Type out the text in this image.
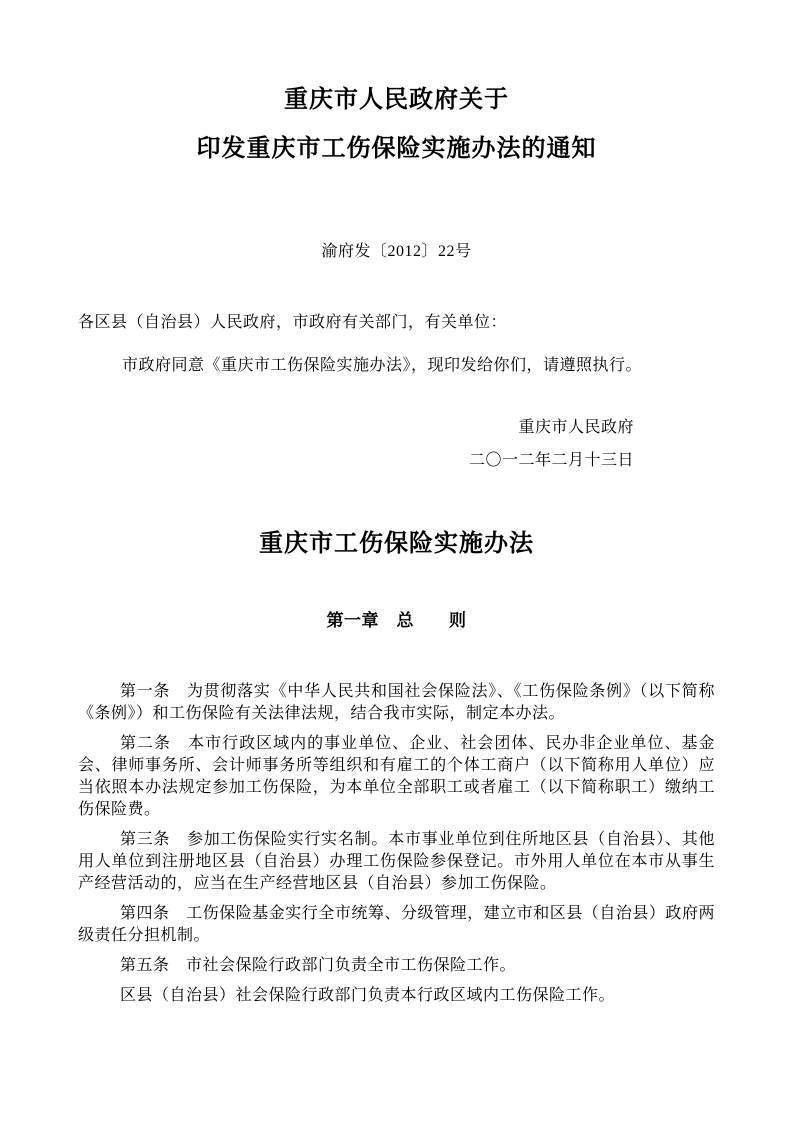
重庆市人民政府关于
印发重庆市工伤保险实施办法的通知
渝府发〔2012〕22号

各区县（自治县）人民政府，市政府有关部门，有关单位：

市政府同意《重庆市工伤保险实施办法》，现印发给你们，请遵照执行。

重庆市人民政府
二〇一二年二月十三日
重庆市工伤保险实施办法
第一章　总　　则

第一条　为贯彻落实《中华人民共和国社会保险法》、《工伤保险条例》（以下简称《条例》）和工伤保险有关法律法规，结合我市实际，制定本办法。

第二条　本市行政区域内的事业单位、企业、社会团体、民办非企业单位、基金会、律师事务所、会计师事务所等组织和有雇工的个体工商户（以下简称用人单位）应当依照本办法规定参加工伤保险，为本单位全部职工或者雇工（以下简称职工）缴纳工伤保险费。

第三条　参加工伤保险实行实名制。本市事业单位到住所地区县（自治县）、其他用人单位到注册地区县（自治县）办理工伤保险参保登记。市外用人单位在本市从事生产经营活动的，应当在生产经营地区县（自治县）参加工伤保险。

第四条　工伤保险基金实行全市统筹、分级管理，建立市和区县（自治县）政府两级责任分担机制。

第五条　市社会保险行政部门负责全市工伤保险工作。

区县（自治县）社会保险行政部门负责本行政区域内工伤保险工作。
